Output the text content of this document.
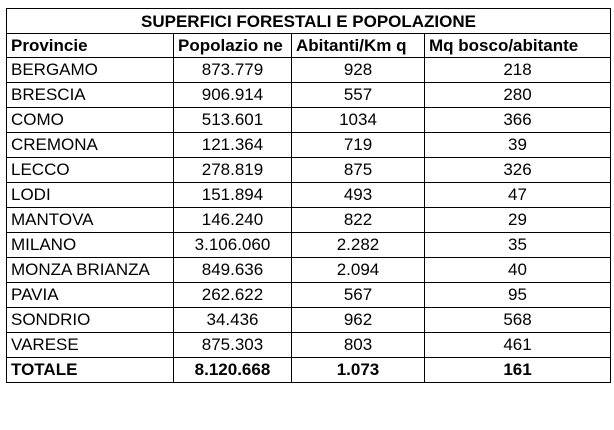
SUPERFICI FORESTALI E POPOLAZIONE			
Provincie	Popolazio ne	Abitanti/Km q	Mq bosco/abitante
BERGAMO	873.779	928	218
BRESCIA	906.914	557	280
COMO	513.601	1034	366
CREMONA	121.364	719	39
LECCO	278.819	875	326
LODI	151.894	493	47
MANTOVA	146.240	822	29
MILANO	3.106.060	2.282	35

MONZA BRIANZA	849.636	2.094	40
PAVIA	262.622	567	95
SONDRIO	34.436	962	568
VARESE	875.303	803	461
TOTALE	8.120.668	1.073	161
